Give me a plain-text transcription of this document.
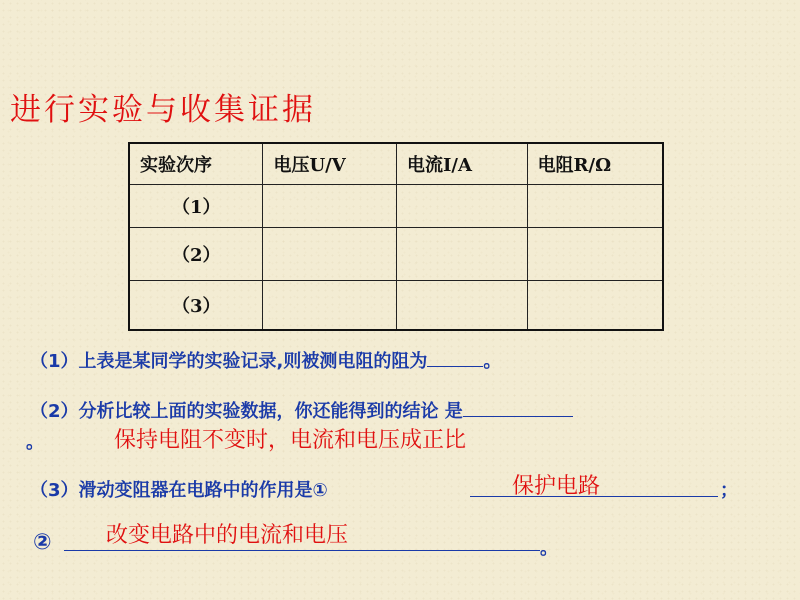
进行实验与收集证据
实验次序	电压U/V	电流I/A	电阻R/Ω
（1）			
（2）			
（3）			
（1）上表是某同学的实验记录,则被测电阻的阻为	。
（2）分析比较上面的实验数据，你还能得到的结论 是
。	保持电阻不变时，电流和电压成正比
（3）滑动变阻器在电路中的作用是①	；
保护电路
②	。
改变电路中的电流和电压
